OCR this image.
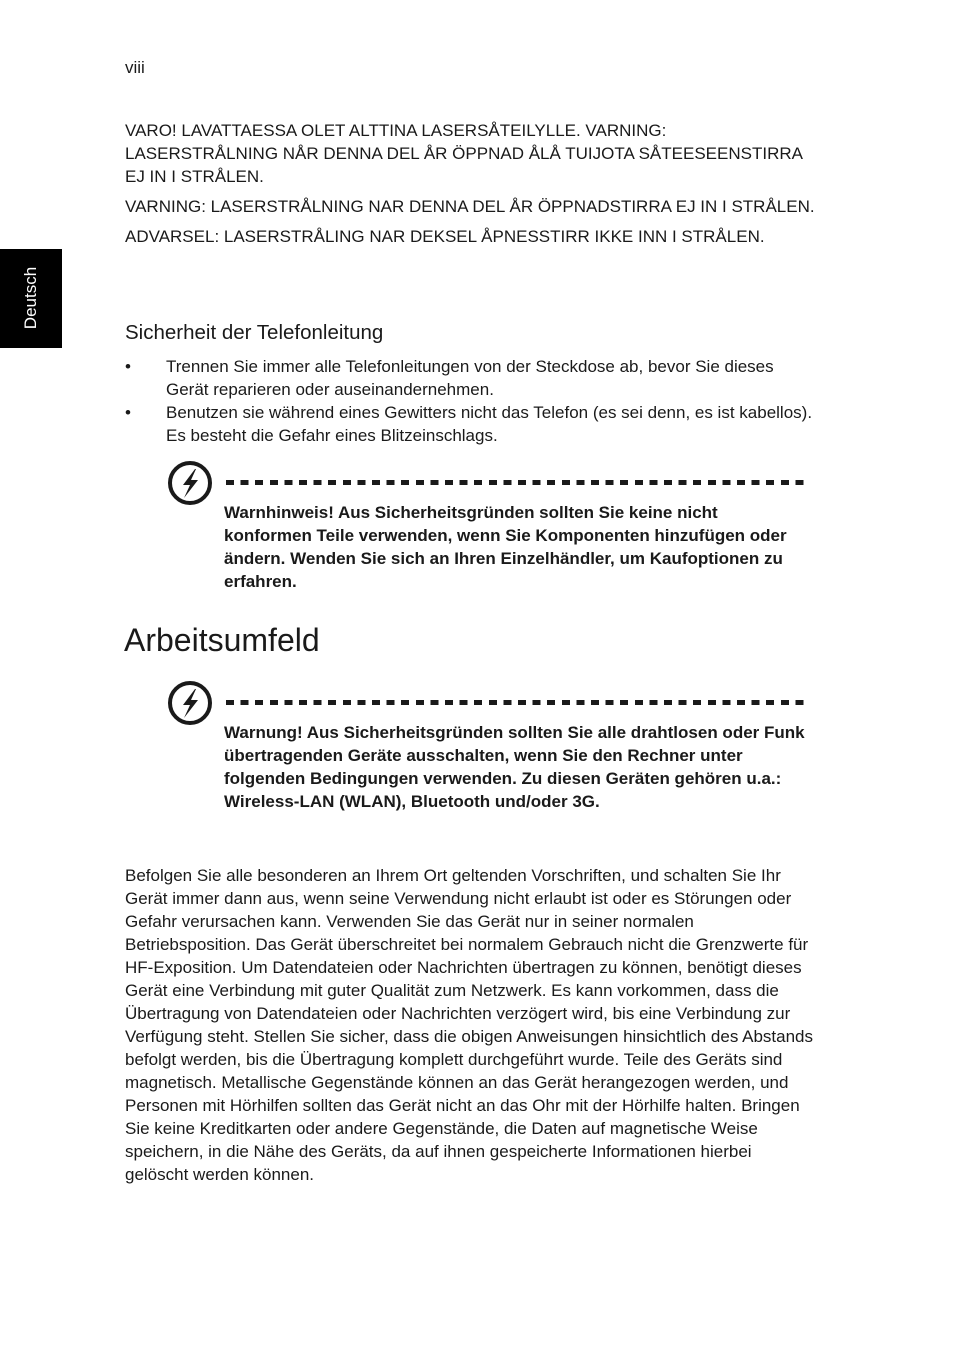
viii
Deutsch

VARO! LAVATTAESSA OLET ALTTINA LASERSÅTEILYLLE. VARNING: LASERSTRÅLNING NÅR DENNA DEL ÅR ÖPPNAD ÅLÅ TUIJOTA SÅTEESEENSTIRRA EJ IN I STRÅLEN.

VARNING: LASERSTRÅLNING NAR DENNA DEL ÅR ÖPPNADSTIRRA EJ IN I STRÅLEN.

ADVARSEL: LASERSTRÅLING NAR DEKSEL ÅPNESSTIRR IKKE INN I STRÅLEN.

Sicherheit der Telefonleitung
• Trennen Sie immer alle Telefonleitungen von der Steckdose ab, bevor Sie dieses Gerät reparieren oder auseinandernehmen.
• Benutzen sie während eines Gewitters nicht das Telefon (es sei denn, es ist kabellos). Es besteht die Gefahr eines Blitzeinschlags.

Warnhinweis! Aus Sicherheitsgründen sollten Sie keine nicht konformen Teile verwenden, wenn Sie Komponenten hinzufügen oder ändern. Wenden Sie sich an Ihren Einzelhändler, um Kaufoptionen zu erfahren.

Arbeitsumfeld

Warnung! Aus Sicherheitsgründen sollten Sie alle drahtlosen oder Funk übertragenden Geräte ausschalten, wenn Sie den Rechner unter folgenden Bedingungen verwenden. Zu diesen Geräten gehören u.a.: Wireless-LAN (WLAN), Bluetooth und/oder 3G.

Befolgen Sie alle besonderen an Ihrem Ort geltenden Vorschriften, und schalten Sie Ihr Gerät immer dann aus, wenn seine Verwendung nicht erlaubt ist oder es Störungen oder Gefahr verursachen kann. Verwenden Sie das Gerät nur in seiner normalen Betriebsposition. Das Gerät überschreitet bei normalem Gebrauch nicht die Grenzwerte für HF-Exposition. Um Datendateien oder Nachrichten übertragen zu können, benötigt dieses Gerät eine Verbindung mit guter Qualität zum Netzwerk. Es kann vorkommen, dass die Übertragung von Datendateien oder Nachrichten verzögert wird, bis eine Verbindung zur Verfügung steht. Stellen Sie sicher, dass die obigen Anweisungen hinsichtlich des Abstands befolgt werden, bis die Übertragung komplett durchgeführt wurde. Teile des Geräts sind magnetisch. Metallische Gegenstände können an das Gerät herangezogen werden, und Personen mit Hörhilfen sollten das Gerät nicht an das Ohr mit der Hörhilfe halten. Bringen Sie keine Kreditkarten oder andere Gegenstände, die Daten auf magnetische Weise speichern, in die Nähe des Geräts, da auf ihnen gespeicherte Informationen hierbei gelöscht werden können.
